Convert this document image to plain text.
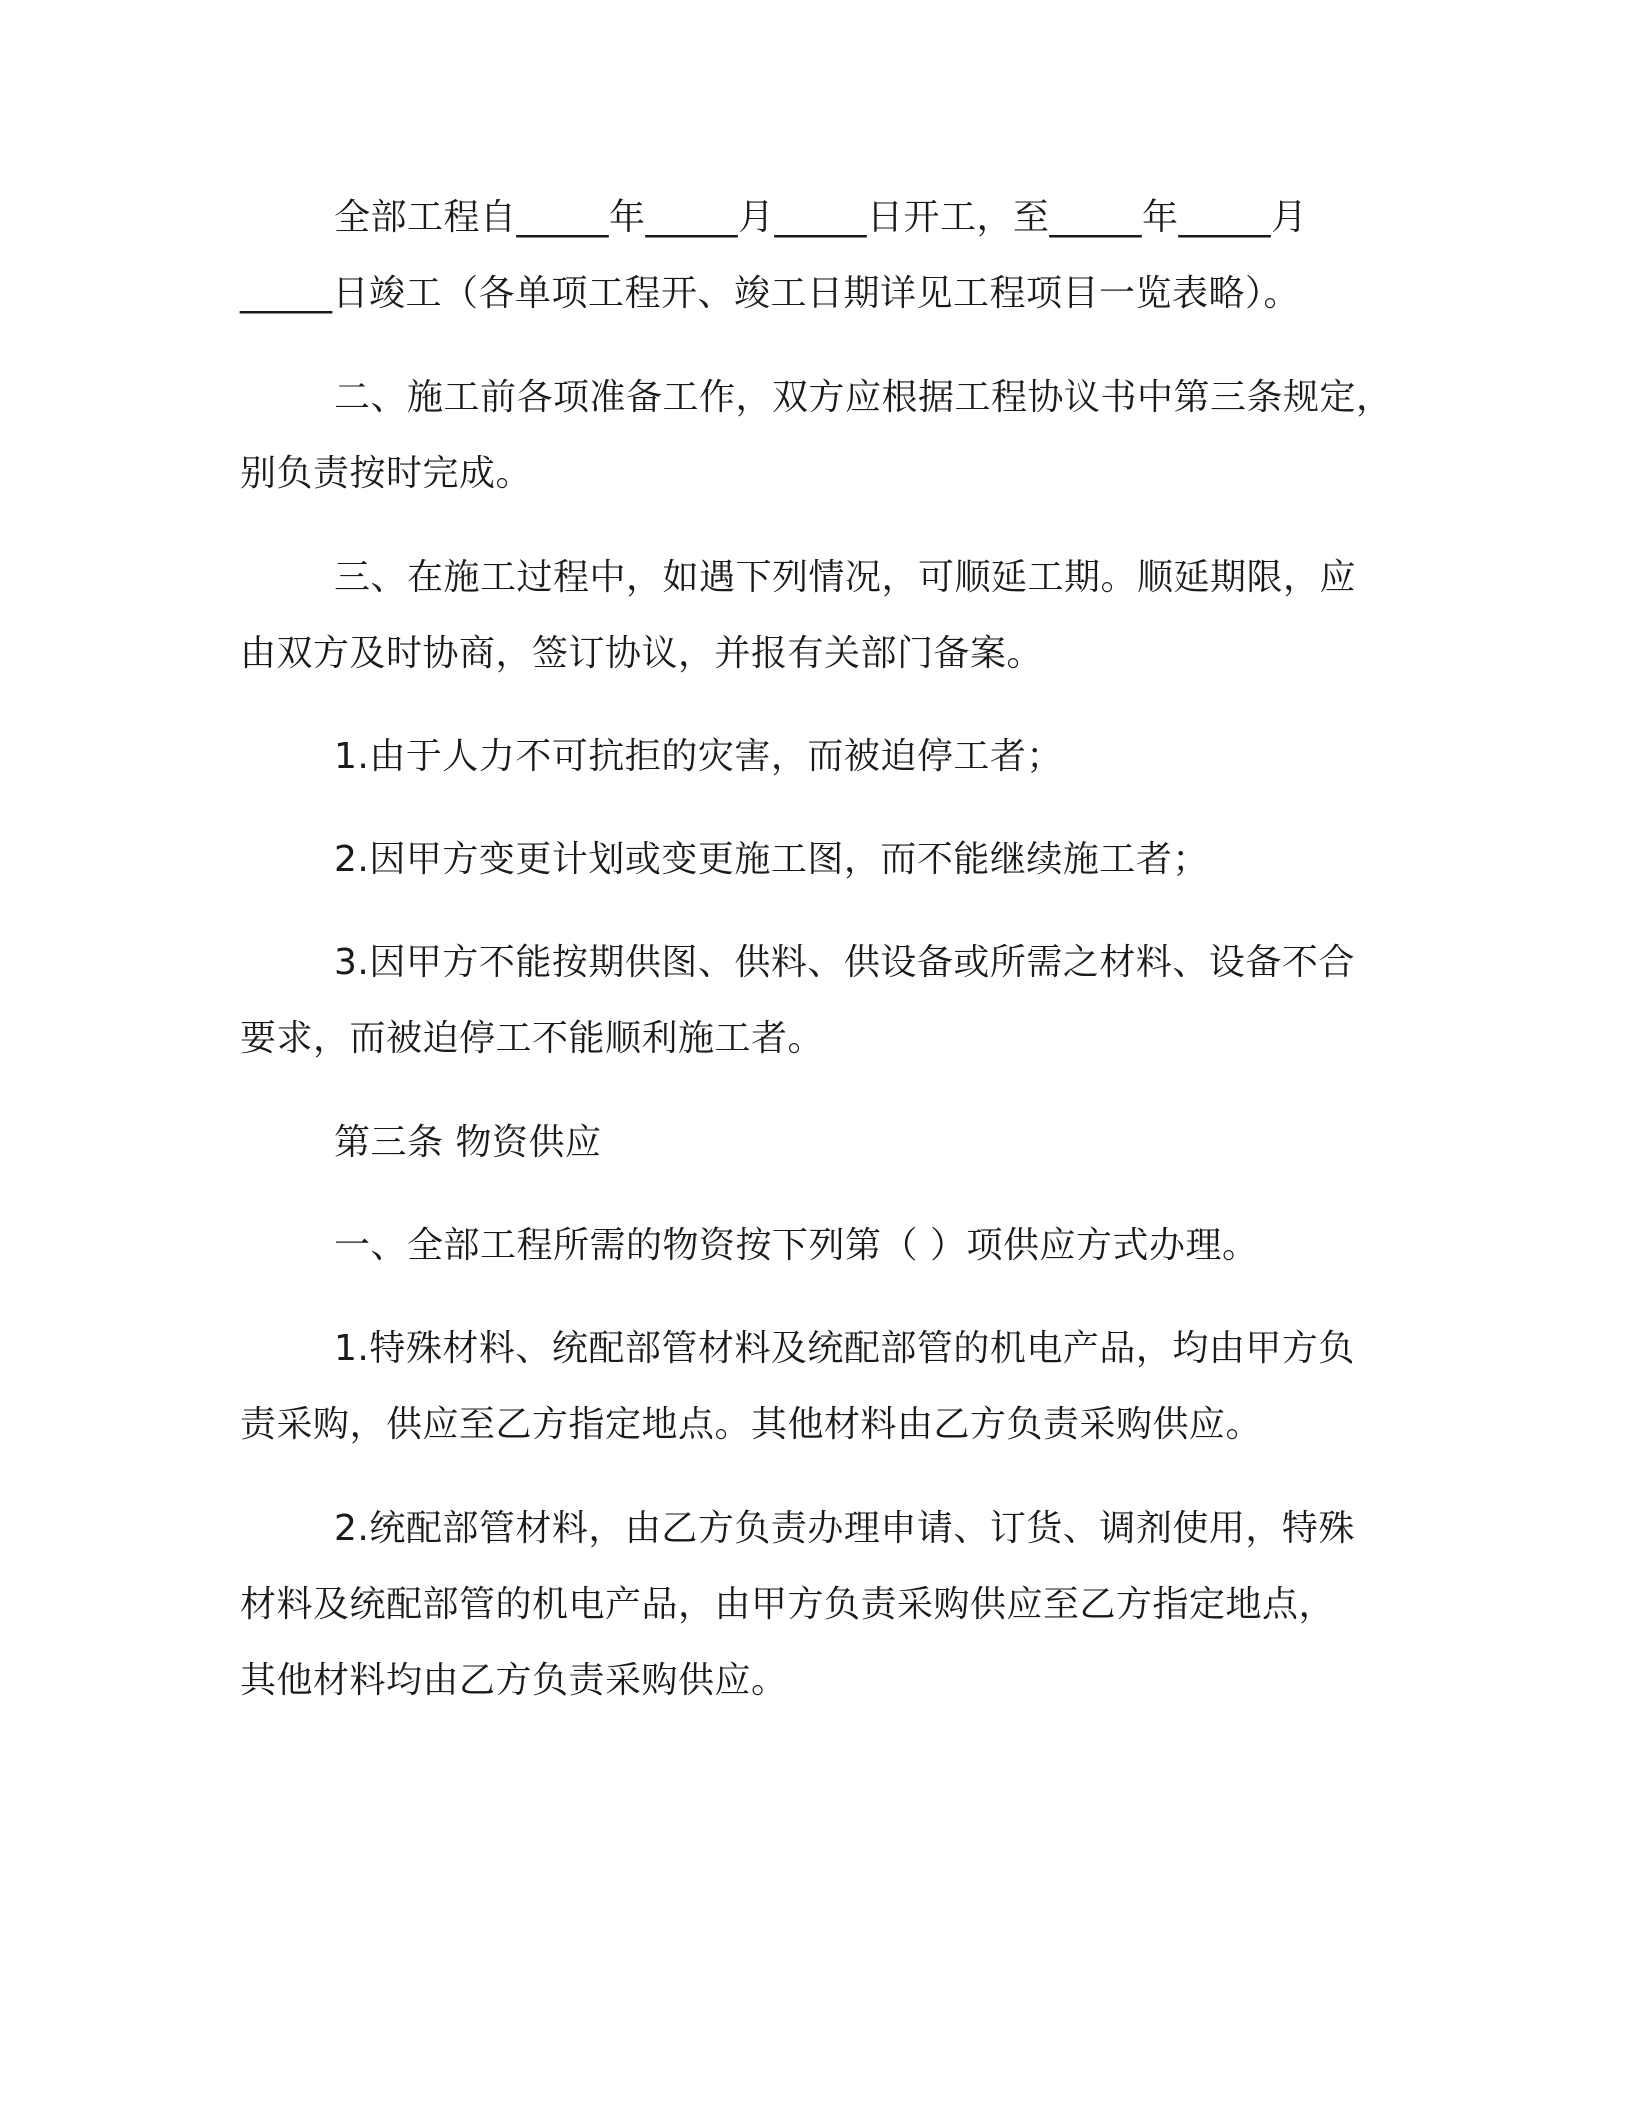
全部工程自_____年_____月_____日开工，至_____年_____月
_____日竣工（各单项工程开、竣工日期详见工程项目一览表略）。
二、施工前各项准备工作，双方应根据工程协议书中第三条规定，
别负责按时完成。
三、在施工过程中，如遇下列情况，可顺延工期。顺延期限，应
由双方及时协商，签订协议，并报有关部门备案。
1.由于人力不可抗拒的灾害，而被迫停工者；
2.因甲方变更计划或变更施工图，而不能继续施工者；
3.因甲方不能按期供图、供料、供设备或所需之材料、设备不合
要求，而被迫停工不能顺利施工者。
第三条 物资供应
一、全部工程所需的物资按下列第（ ）项供应方式办理。
1.特殊材料、统配部管材料及统配部管的机电产品，均由甲方负
责采购，供应至乙方指定地点。其他材料由乙方负责采购供应。
2.统配部管材料，由乙方负责办理申请、订货、调剂使用，特殊
材料及统配部管的机电产品，由甲方负责采购供应至乙方指定地点，
其他材料均由乙方负责采购供应。
